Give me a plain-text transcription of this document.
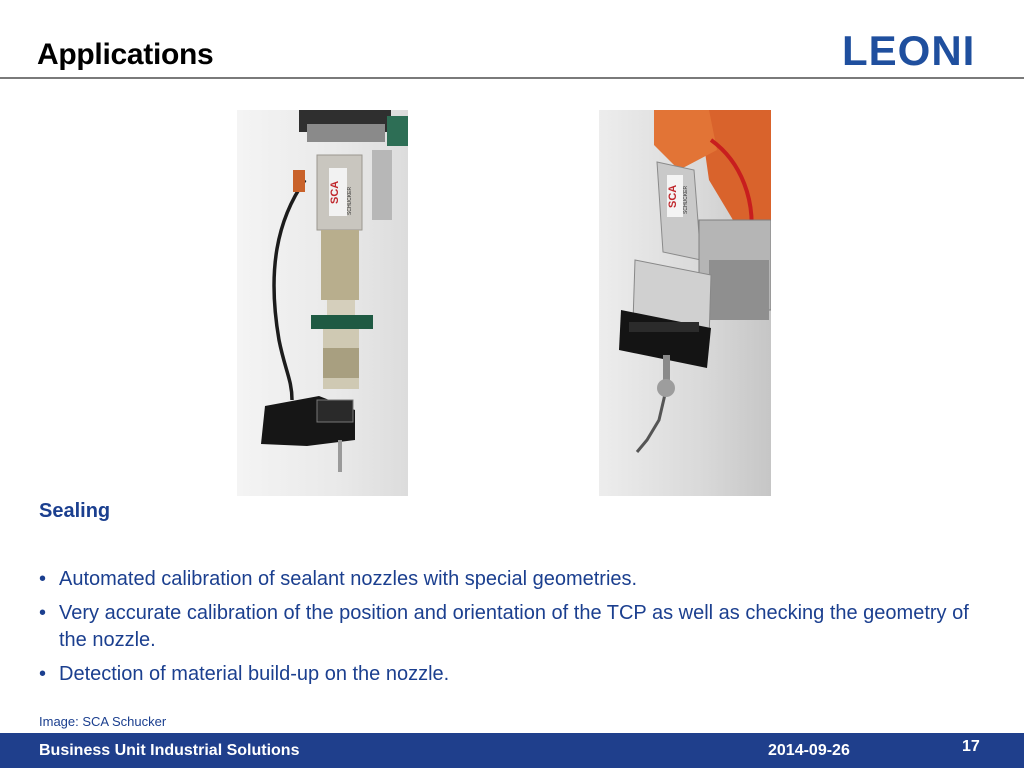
Applications	LEONI
SCA SCHUCKER	SCA SCHUCKER
Sealing
• Automated calibration of sealant nozzles with special geometries.
• Very accurate calibration of the position and orientation of the TCP as well as checking the geometry of the nozzle.
• Detection of material build-up on the nozzle.
Image: SCA Schucker
Business Unit Industrial Solutions	2014-09-26	17
